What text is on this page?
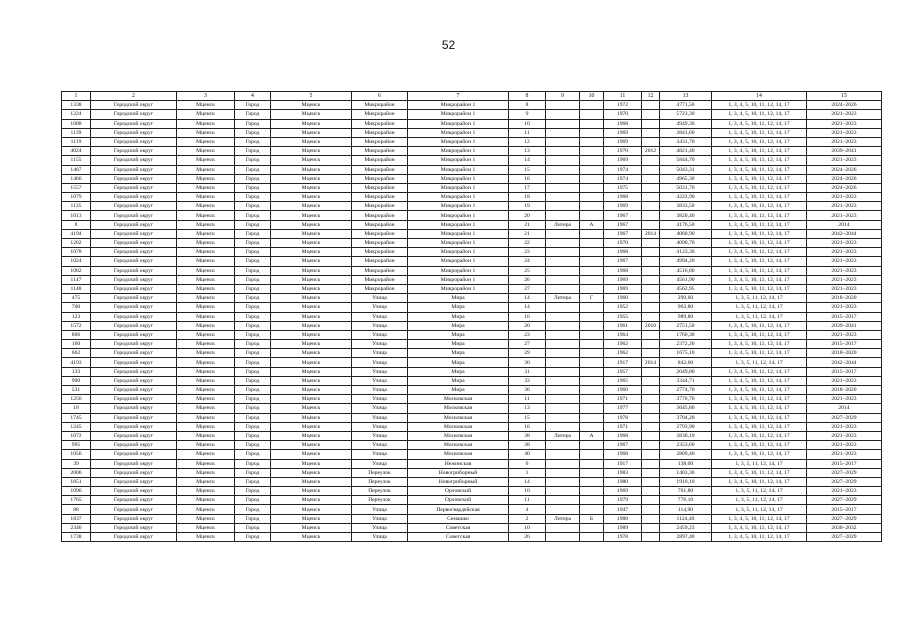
52
1	2	3	4	5	6	7	8	9	10	11	12	13	14	15
1338	Городской округ	Мценск	Город	Мценск	Микрорайон	Микрорайон 1	8			1972		4771,50	1, 3, 4, 5, 10, 11, 12, 14, 17	2024–2026
1224	Городской округ	Мценск	Город	Мценск	Микрорайон	Микрорайон 1	9			1970		5723,30	1, 3, 4, 5, 10, 11, 12, 14, 17	2021–2023
1088	Городской округ	Мценск	Город	Мценск	Микрорайон	Микрорайон 1	10			1968		4949,30	1, 3, 4, 5, 10, 11, 12, 14, 17	2021–2023
1139	Городской округ	Мценск	Город	Мценск	Микрорайон	Микрорайон 1	11			1969		3841,60	1, 3, 4, 5, 10, 11, 12, 14, 17	2021–2023
1119	Городской округ	Мценск	Город	Мценск	Микрорайон	Микрорайон 1	12			1969		3431,70	1, 3, 4, 5, 10, 11, 12, 14, 17	2021–2023
4024	Городской округ	Мценск	Город	Мценск	Микрорайон	Микрорайон 1	13			1970	2012	4821,40	1, 3, 4, 5, 10, 11, 12, 14, 17	2039–2041
1155	Городской округ	Мценск	Город	Мценск	Микрорайон	Микрорайон 1	14			1969		5844,70	1, 3, 4, 5, 10, 11, 12, 14, 17	2021–2023
1467	Городской округ	Мценск	Город	Мценск	Микрорайон	Микрорайон 1	15			1974		5043,31	1, 3, 4, 5, 10, 11, 12, 14, 17	2024–2026
1466	Городской округ	Мценск	Город	Мценск	Микрорайон	Микрорайон 1	16			1974		4965,30	1, 3, 4, 5, 10, 11, 12, 14, 17	2024–2026
1557	Городской округ	Мценск	Город	Мценск	Микрорайон	Микрорайон 1	17			1975		5031,70	1, 3, 4, 5, 10, 11, 12, 14, 17	2024–2026
1079	Городской округ	Мценск	Город	Мценск	Микрорайон	Микрорайон 1	18			1968		4222,90	1, 3, 4, 5, 10, 11, 12, 14, 17	2021–2023
1135	Городской округ	Мценск	Город	Мценск	Микрорайон	Микрорайон 1	19			1969		3833,50	1, 3, 4, 5, 10, 11, 12, 14, 17	2021–2023
1013	Городской округ	Мценск	Город	Мценск	Микрорайон	Микрорайон 1	20			1967		3820,40	1, 3, 4, 5, 10, 11, 12, 14, 17	2021–2023
8	Городской округ	Мценск	Город	Мценск	Микрорайон	Микрорайон 1	21	Литера	А	1967		4176,50	1, 3, 4, 5, 10, 11, 12, 14, 17	2014
4194	Городской округ	Мценск	Город	Мценск	Микрорайон	Микрорайон 1	21			1967	2014	4060,90	1, 3, 4, 5, 10, 11, 12, 14, 17	2042–2044
1202	Городской округ	Мценск	Город	Мценск	Микрорайон	Микрорайон 1	22			1970		4090,70	1, 3, 4, 5, 10, 11, 12, 14, 17	2021–2023
1078	Городской округ	Мценск	Город	Мценск	Микрорайон	Микрорайон 1	23			1968		4123,30	1, 3, 4, 5, 10, 11, 12, 14, 17	2021–2023
1024	Городской округ	Мценск	Город	Мценск	Микрорайон	Микрорайон 1	24			1967		4994,20	1, 3, 4, 5, 10, 11, 12, 14, 17	2021–2023
1082	Городской округ	Мценск	Город	Мценск	Микрорайон	Микрорайон 1	25			1968		4516,80	1, 3, 4, 5, 10, 11, 12, 14, 17	2021–2023
1147	Городской округ	Мценск	Город	Мценск	Микрорайон	Микрорайон 1	26			1969		4561,90	1, 3, 4, 5, 10, 11, 12, 14, 17	2021–2023
1148	Городской округ	Мценск	Город	Мценск	Микрорайон	Микрорайон 1	27			1969		4562,95	1, 3, 4, 5, 10, 11, 12, 14, 17	2021–2023
475	Городской округ	Мценск	Город	Мценск	Улица	Мира	14	Литера	Г	1960		299,60	1, 3, 5, 11, 12, 14, 17	2018–2020
700	Городской округ	Мценск	Город	Мценск	Улица	Мира	14			1952		963,80	1, 3, 5, 11, 12, 14, 17	2021–2023
123	Городской округ	Мценск	Город	Мценск	Улица	Мира	16			1955		989,80	1, 3, 5, 11, 12, 14, 17	2015–2017
1572	Городской округ	Мценск	Город	Мценск	Улица	Мира	20			1961	2010	2751,50	1, 3, 4, 5, 10, 11, 12, 14, 17	2039–2041
806	Городской округ	Мценск	Город	Мценск	Улица	Мира	23			1964		1760,30	1, 3, 4, 5, 10, 11, 12, 14, 17	2021–2023
160	Городской округ	Мценск	Город	Мценск	Улица	Мира	27			1962		2372,20	1, 3, 4, 5, 10, 11, 12, 14, 17	2015–2017
662	Городской округ	Мценск	Город	Мценск	Улица	Мира	29			1962		1675,10	1, 3, 4, 5, 10, 11, 12, 14, 17	2018–2020
4193	Городской округ	Мценск	Город	Мценск	Улица	Мира	30			1917	2014	842,60	1, 3, 5, 11, 12, 14, 17	2042–2044
133	Городской округ	Мценск	Город	Мценск	Улица	Мира	31			1957		2049,80	1, 3, 4, 5, 10, 11, 12, 14, 17	2015–2017
900	Городской округ	Мценск	Город	Мценск	Улица	Мира	33			1965		3344,71	1, 3, 4, 5, 10, 11, 12, 14, 17	2021–2023
531	Городской округ	Мценск	Город	Мценск	Улица	Мира	36			1960		2774,70	1, 3, 4, 5, 10, 11, 12, 14, 17	2018–2020
1256	Городской округ	Мценск	Город	Мценск	Улица	Московская	11			1971		3776,70	1, 3, 4, 5, 10, 11, 12, 14, 17	2021–2023
18	Городской округ	Мценск	Город	Мценск	Улица	Московская	13			1977		3645,80	1, 3, 4, 5, 10, 11, 12, 14, 17	2014
1745	Городской округ	Мценск	Город	Мценск	Улица	Московская	15			1978		3704,20	1, 3, 4, 5, 10, 11, 12, 14, 17	2027–2029
1245	Городской округ	Мценск	Город	Мценск	Улица	Московская	16			1971		2793,90	1, 3, 4, 5, 10, 11, 12, 14, 17	2021–2023
1072	Городской округ	Мценск	Город	Мценск	Улица	Московская	38	Литера	А	1968		3830,10	1, 3, 4, 5, 10, 11, 12, 14, 17	2021–2023
995	Городской округ	Мценск	Город	Мценск	Улица	Московская	38			1967		2353,60	1, 3, 4, 5, 10, 11, 12, 14, 17	2021–2023
1056	Городской округ	Мценск	Город	Мценск	Улица	Московская	40			1968		2809,40	1, 3, 4, 5, 10, 11, 12, 14, 17	2021–2023
39	Городской округ	Мценск	Город	Мценск	Улица	Нежинская	6			1917		138,00	1, 3, 5, 11, 12, 14, 17	2015–2017
2006	Городской округ	Мценск	Город	Мценск	Переулок	Новогриборный	1			1983		1403,30	1, 3, 4, 5, 10, 11, 12, 14, 17	2027–2029
1851	Городской округ	Мценск	Город	Мценск	Переулок	Новогриборный	14			1980		1910,10	1, 3, 4, 5, 10, 11, 12, 14, 17	2027–2029
1096	Городской округ	Мценск	Город	Мценск	Переулок	Орловский	10			1969		761,80	1, 3, 5, 11, 12, 14, 17	2021–2023
1765	Городской округ	Мценск	Город	Мценск	Переулок	Орловский	11			1979		776,10	1, 3, 5, 11, 12, 14, 17	2027–2029
88	Городской округ	Мценск	Город	Мценск	Улица	Первогвардейская	4			1947		114,90	1, 3, 5, 11, 12, 14, 17	2015–2017
1837	Городской округ	Мценск	Город	Мценск	Улица	Семашко	2	Литера	Б	1980		1124,40	1, 3, 4, 5, 10, 11, 12, 14, 17	2027–2029
2346	Городской округ	Мценск	Город	Мценск	Улица	Советская	10			1989		2459,23	1, 3, 4, 5, 10, 11, 12, 14, 17	2030–2032
1738	Городской округ	Мценск	Город	Мценск	Улица	Советская	26			1978		2897,40	1, 3, 4, 5, 10, 11, 12, 14, 17	2027–2029
